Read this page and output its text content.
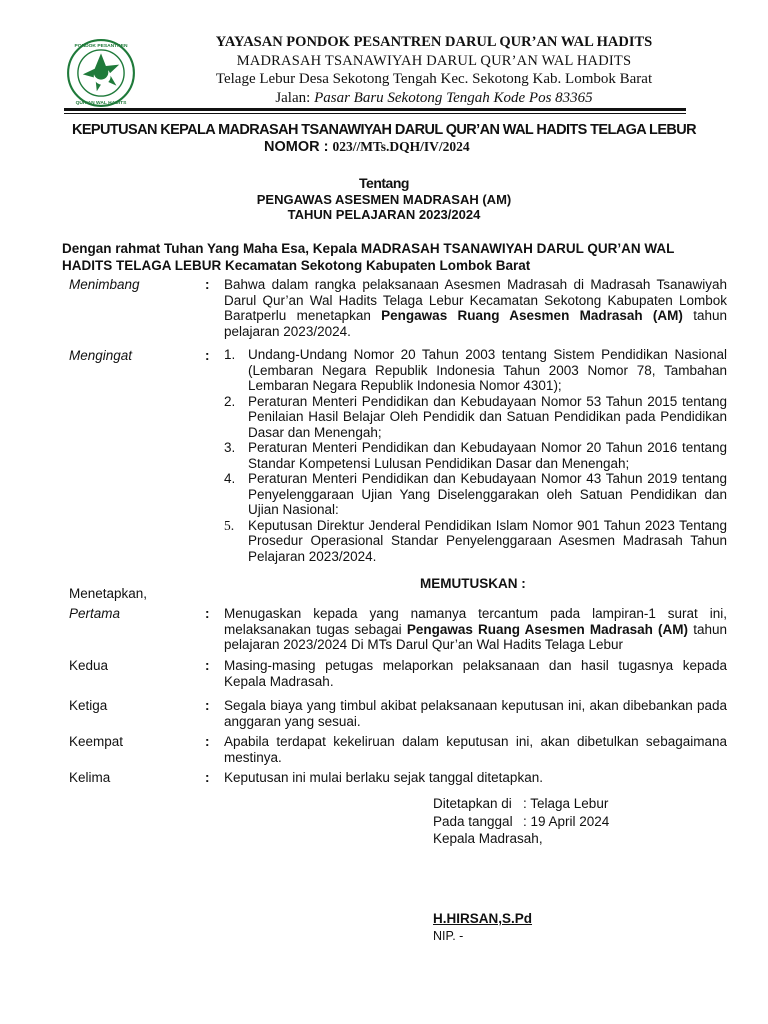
PONDOK PESANTREN
QUR'AN WAL HADITS
YAYASAN PONDOK PESANTREN DARUL QUR’AN WAL HADITS
MADRASAH TSANAWIYAH DARUL QUR’AN WAL HADITS
Telage Lebur Desa Sekotong Tengah Kec. Sekotong Kab. Lombok Barat
Jalan: Pasar Baru Sekotong Tengah Kode Pos 83365
KEPUTUSAN KEPALA MADRASAH TSANAWIYAH DARUL QUR’AN WAL HADITS TELAGA LEBUR
NOMOR : 023//MTs.DQH/IV/2024
Tentang
PENGAWAS ASESMEN MADRASAH (AM)
TAHUN PELAJARAN 2023/2024
Dengan rahmat Tuhan Yang Maha Esa, Kepala MADRASAH TSANAWIYAH DARUL QUR’AN WAL HADITS TELAGA LEBUR Kecamatan Sekotong Kabupaten Lombok Barat
Menimbang	: Bahwa dalam rangka pelaksanaan Asesmen Madrasah di Madrasah Tsanawiyah Darul Qur’an Wal Hadits Telaga Lebur Kecamatan Sekotong Kabupaten Lombok Baratperlu menetapkan Pengawas Ruang Asesmen Madrasah (AM) tahun pelajaran 2023/2024.
Mengingat	: 1. Undang-Undang Nomor 20 Tahun 2003 tentang Sistem Pendidikan Nasional (Lembaran Negara Republik Indonesia Tahun 2003 Nomor 78, Tambahan Lembaran Negara Republik Indonesia Nomor 4301);
2. Peraturan Menteri Pendidikan dan Kebudayaan Nomor 53 Tahun 2015 tentang Penilaian Hasil Belajar Oleh Pendidik dan Satuan Pendidikan pada Pendidikan Dasar dan Menengah;
3. Peraturan Menteri Pendidikan dan Kebudayaan Nomor 20 Tahun 2016 tentang Standar Kompetensi Lulusan Pendidikan Dasar dan Menengah;
4. Peraturan Menteri Pendidikan dan Kebudayaan Nomor 43 Tahun 2019 tentang Penyelenggaraan Ujian Yang Diselenggarakan oleh Satuan Pendidikan dan Ujian Nasional:
5. Keputusan Direktur Jenderal Pendidikan Islam Nomor 901 Tahun 2023 Tentang Prosedur Operasional Standar Penyelenggaraan Asesmen Madrasah Tahun Pelajaran 2023/2024.
MEMUTUSKAN :
Menetapkan,
Pertama	: Menugaskan kepada yang namanya tercantum pada lampiran-1 surat ini, melaksanakan tugas sebagai Pengawas Ruang Asesmen Madrasah (AM) tahun pelajaran 2023/2024 Di MTs Darul Qur’an Wal Hadits Telaga Lebur
Kedua	: Masing-masing petugas melaporkan pelaksanaan dan hasil tugasnya kepada Kepala Madrasah.
Ketiga	: Segala biaya yang timbul akibat pelaksanaan keputusan ini, akan dibebankan pada anggaran yang sesuai.
Keempat	: Apabila terdapat kekeliruan dalam keputusan ini, akan dibetulkan sebagaimana mestinya.
Kelima	: Keputusan ini mulai berlaku sejak tanggal ditetapkan.
Ditetapkan di : Telaga Lebur
Pada tanggal : 19 April 2024
Kepala Madrasah,
H.HIRSAN,S.Pd
NIP. -
